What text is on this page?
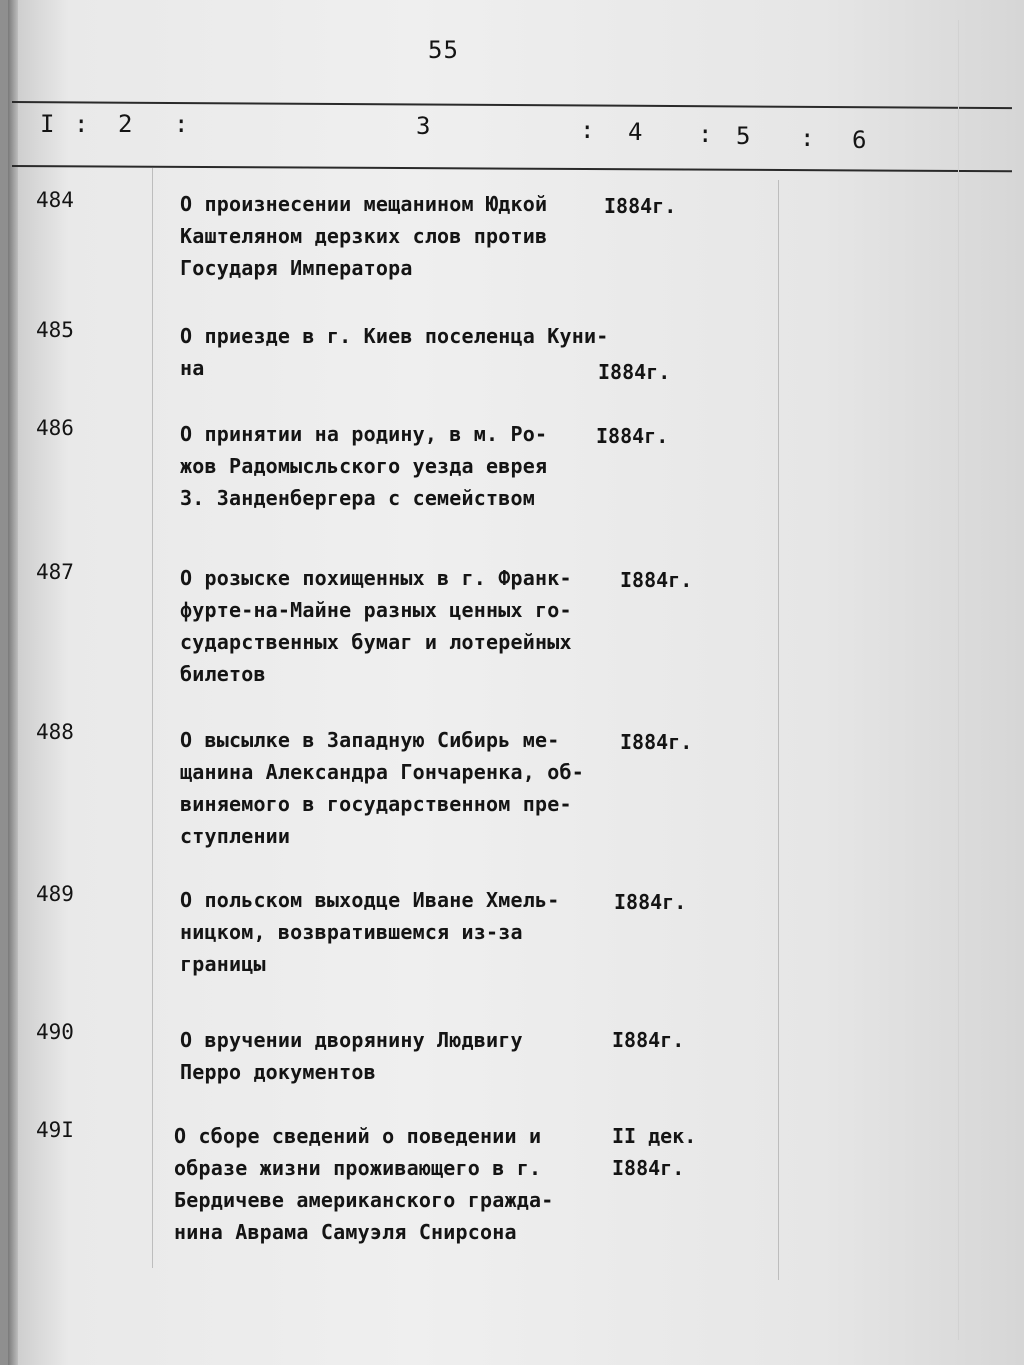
55
I : 2 :	3	: 4 : 5 : 6
484	О произнесении мещанином Юдкой
Каштеляном дерзких слов против
Государя Императора
I884г.
485	О приезде в г. Киев поселенца Куни-
на	I884г.
486	О принятии на родину, в м. Ро-
жов Радомысльского уезда еврея
З. Занденбергера с семейством
I884г.
487	О розыске похищенных в г. Франк-
фурте-на-Майне разных ценных го-
сударственных бумаг и лотерейных
билетов
I884г.
488	О высылке в Западную Сибирь ме-
щанина Александра Гончаренка, об-
виняемого в государственном пре-
ступлении
I884г.
489	О польском выходце Иване Хмель-
ницком, возвратившемся из-за
границы
I884г.
490	О вручении дворянину Людвигу
Перро документов
I884г.
49I	О сборе сведений о поведении и
образе жизни проживающего в г.
Бердичеве американского гражда-
нина Аврама Самуэля Снирсона
II дек.
I884г.
